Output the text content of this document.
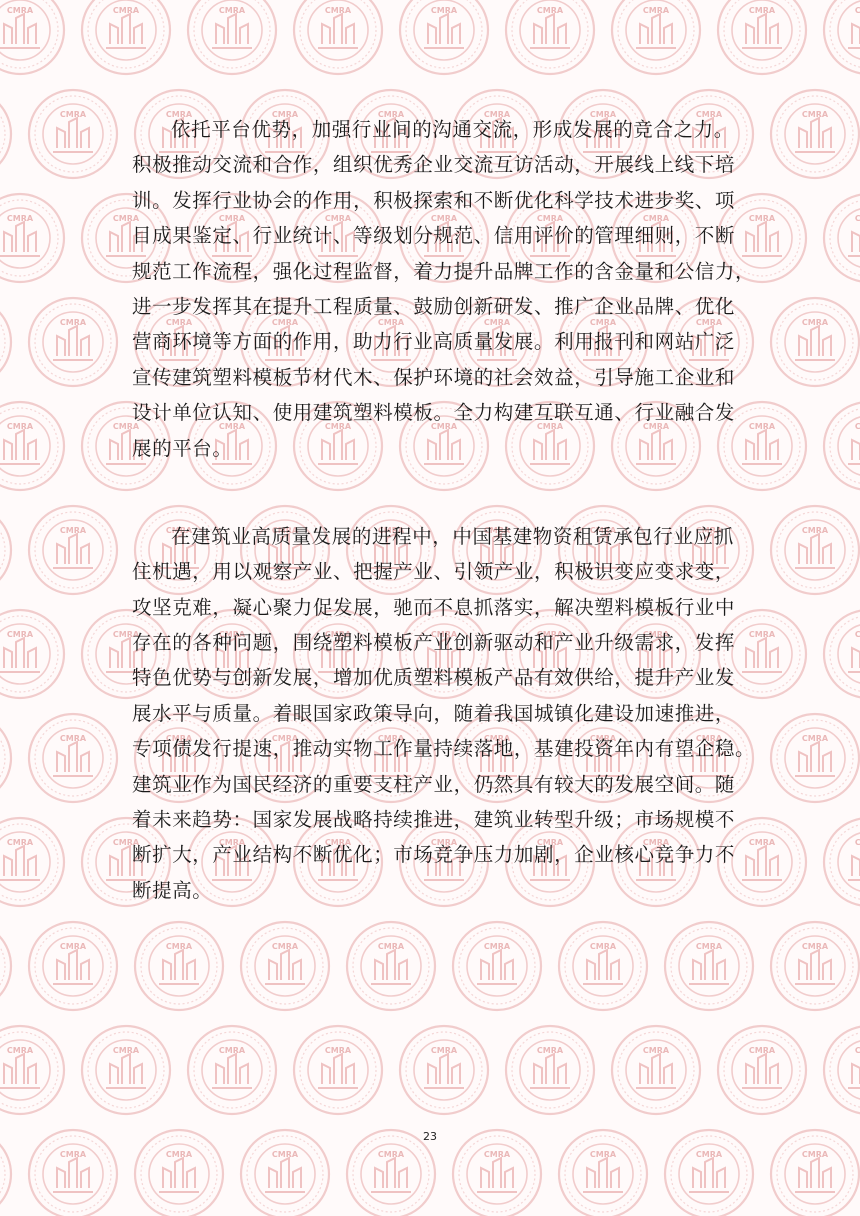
依托平台优势，加强行业间的沟通交流，形成发展的竞合之力。

积极推动交流和合作，组织优秀企业交流互访活动，开展线上线下培

训。发挥行业协会的作用，积极探索和不断优化科学技术进步奖、项

目成果鉴定、行业统计、等级划分规范、信用评价的管理细则，不断

规范工作流程，强化过程监督，着力提升品牌工作的含金量和公信力，

进一步发挥其在提升工程质量、鼓励创新研发、推广企业品牌、优化

营商环境等方面的作用，助力行业高质量发展。利用报刊和网站广泛

宣传建筑塑料模板节材代木、保护环境的社会效益，引导施工企业和

设计单位认知、使用建筑塑料模板。全力构建互联互通、行业融合发

展的平台。

在建筑业高质量发展的进程中，中国基建物资租赁承包行业应抓

住机遇，用以观察产业、把握产业、引领产业，积极识变应变求变，

攻坚克难，凝心聚力促发展，驰而不息抓落实，解决塑料模板行业中

存在的各种问题，围绕塑料模板产业创新驱动和产业升级需求，发挥

特色优势与创新发展，增加优质塑料模板产品有效供给，提升产业发

展水平与质量。着眼国家政策导向，随着我国城镇化建设加速推进，

专项债发行提速，推动实物工作量持续落地，基建投资年内有望企稳。

建筑业作为国民经济的重要支柱产业，仍然具有较大的发展空间。随

着未来趋势：国家发展战略持续推进，建筑业转型升级；市场规模不

断扩大，产业结构不断优化；市场竞争压力加剧，企业核心竞争力不

断提高。

23
